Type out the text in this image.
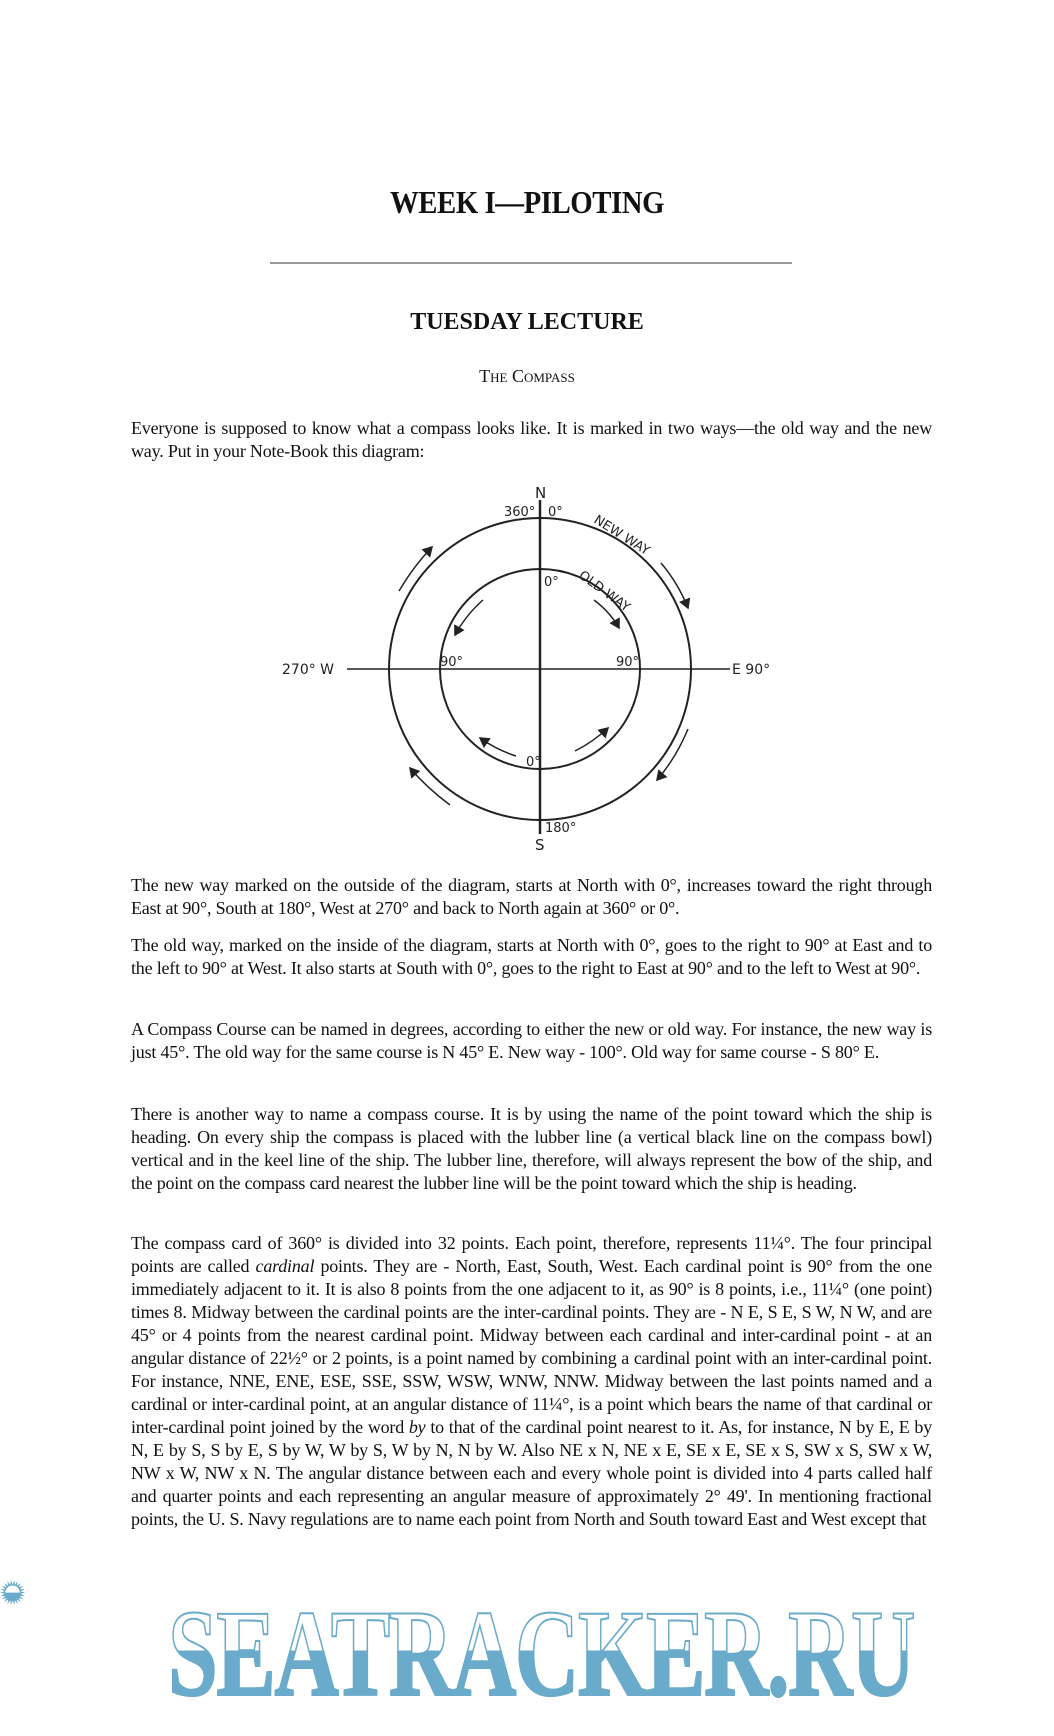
WEEK I—PILOTING
TUESDAY LECTURE
The Compass
Everyone is supposed to know what a compass looks like. It is marked in two ways—the old way and the new way. Put in your Note-Book this diagram:
N
360° 0°
NEW WAY
OLD WAY
0°
90°	90°
270° W	E 90°
0°
180°
S
The new way marked on the outside of the diagram, starts at North with 0°, increases toward the right through East at 90°, South at 180°, West at 270° and back to North again at 360° or 0°.
The old way, marked on the inside of the diagram, starts at North with 0°, goes to the right to 90° at East and to the left to 90° at West. It also starts at South with 0°, goes to the right to East at 90° and to the left to West at 90°.
A Compass Course can be named in degrees, according to either the new or old way. For instance, the new way is just 45°. The old way for the same course is N 45° E. New way - 100°. Old way for same course - S 80° E.
There is another way to name a compass course. It is by using the name of the point toward which the ship is heading. On every ship the compass is placed with the lubber line (a vertical black line on the compass bowl) vertical and in the keel line of the ship. The lubber line, therefore, will always represent the bow of the ship, and the point on the compass card nearest the lubber line will be the point toward which the ship is heading.
The compass card of 360° is divided into 32 points. Each point, therefore, represents 11¼°. The four principal points are called cardinal points. They are - North, East, South, West. Each cardinal point is 90° from the one immediately adjacent to it. It is also 8 points from the one adjacent to it, as 90° is 8 points, i.e., 11¼° (one point) times 8. Midway between the cardinal points are the inter-cardinal points. They are - N E, S E, S W, N W, and are 45° or 4 points from the nearest cardinal point. Midway between each cardinal and inter-cardinal point - at an angular distance of 22½° or 2 points, is a point named by combining a cardinal point with an inter-cardinal point. For instance, NNE, ENE, ESE, SSE, SSW, WSW, WNW, NNW. Midway between the last points named and a cardinal or inter-cardinal point, at an angular distance of 11¼°, is a point which bears the name of that cardinal or inter-cardinal point joined by the word by to that of the cardinal point nearest to it. As, for instance, N by E, E by N, E by S, S by E, S by W, W by S, W by N, N by W. Also NE x N, NE x E, SE x E, SE x S, SW x S, SW x W, NW x W, NW x N. The angular distance between each and every whole point is divided into 4 parts called half and quarter points and each representing an angular measure of approximately 2° 49'. In mentioning fractional points, the U. S. Navy regulations are to name each point from North and South toward East and West except that
SEATRACKER.RU
